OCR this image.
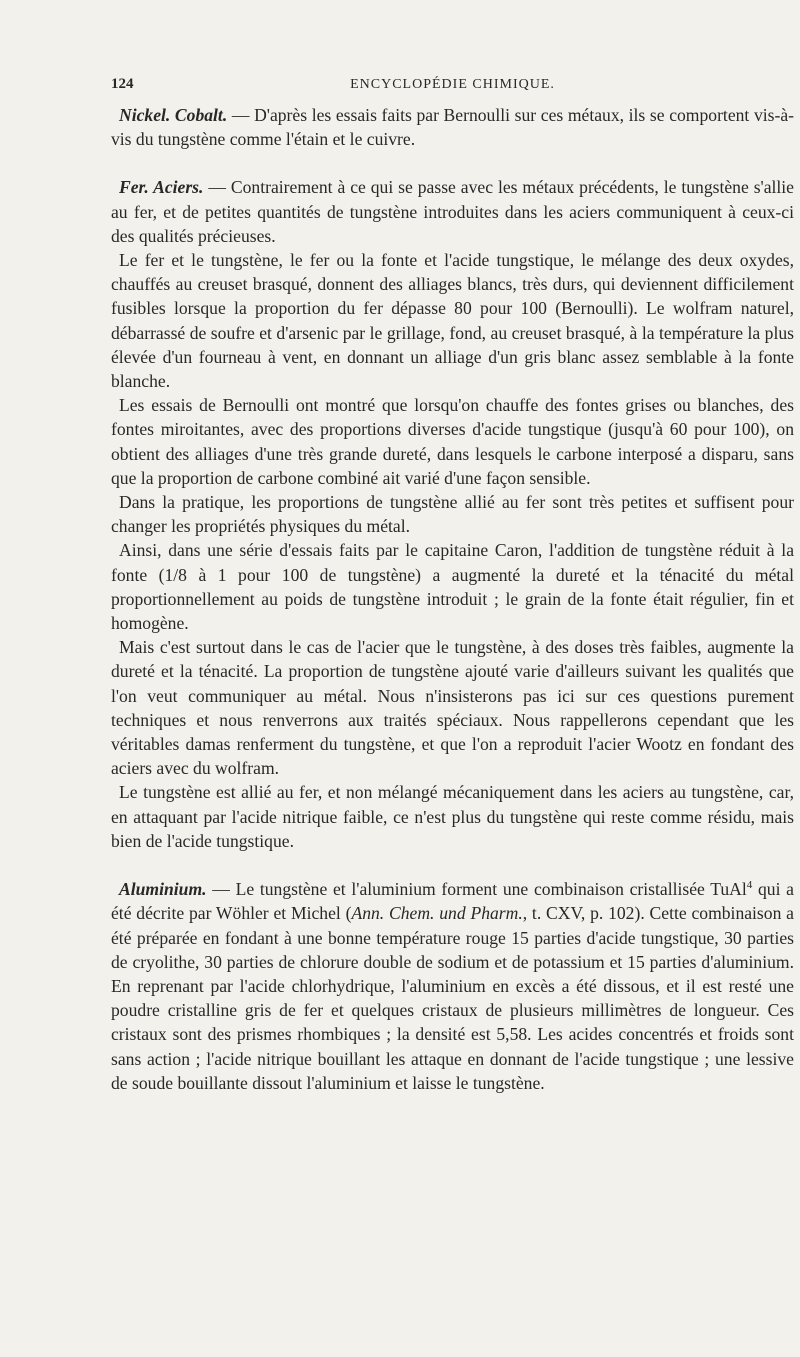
124	ENCYCLOPÉDIE CHIMIQUE.

Nickel. Cobalt. — D'après les essais faits par Bernoulli sur ces métaux, ils se comportent vis-à-vis du tungstène comme l'étain et le cuivre.

Fer. Aciers. — Contrairement à ce qui se passe avec les métaux précédents, le tungstène s'allie au fer, et de petites quantités de tungstène introduites dans les aciers communiquent à ceux-ci des qualités précieuses.

Le fer et le tungstène, le fer ou la fonte et l'acide tungstique, le mélange des deux oxydes, chauffés au creuset brasqué, donnent des alliages blancs, très durs, qui deviennent difficilement fusibles lorsque la proportion du fer dépasse 80 pour 100 (Bernoulli). Le wolfram naturel, débarrassé de soufre et d'arsenic par le grillage, fond, au creuset brasqué, à la température la plus élevée d'un fourneau à vent, en donnant un alliage d'un gris blanc assez semblable à la fonte blanche.

Les essais de Bernoulli ont montré que lorsqu'on chauffe des fontes grises ou blanches, des fontes miroitantes, avec des proportions diverses d'acide tungstique (jusqu'à 60 pour 100), on obtient des alliages d'une très grande dureté, dans lesquels le carbone interposé a disparu, sans que la proportion de carbone combiné ait varié d'une façon sensible.

Dans la pratique, les proportions de tungstène allié au fer sont très petites et suffisent pour changer les propriétés physiques du métal.

Ainsi, dans une série d'essais faits par le capitaine Caron, l'addition de tungstène réduit à la fonte (1/8 à 1 pour 100 de tungstène) a augmenté la dureté et la ténacité du métal proportionnellement au poids de tungstène introduit ; le grain de la fonte était régulier, fin et homogène.

Mais c'est surtout dans le cas de l'acier que le tungstène, à des doses très faibles, augmente la dureté et la ténacité. La proportion de tungstène ajouté varie d'ailleurs suivant les qualités que l'on veut communiquer au métal. Nous n'insisterons pas ici sur ces questions purement techniques et nous renverrons aux traités spéciaux. Nous rappellerons cependant que les véritables damas renferment du tungstène, et que l'on a reproduit l'acier Wootz en fondant des aciers avec du wolfram.

Le tungstène est allié au fer, et non mélangé mécaniquement dans les aciers au tungstène, car, en attaquant par l'acide nitrique faible, ce n'est plus du tungstène qui reste comme résidu, mais bien de l'acide tungstique.

Aluminium. — Le tungstène et l'aluminium forment une combinaison cristallisée TuAl$^4$ qui a été décrite par Wöhler et Michel (Ann. Chem. und Pharm., t. CXV, p. 102). Cette combinaison a été préparée en fondant à une bonne température rouge 15 parties d'acide tungstique, 30 parties de cryolithe, 30 parties de chlorure double de sodium et de potassium et 15 parties d'aluminium. En reprenant par l'acide chlorhydrique, l'aluminium en excès a été dissous, et il est resté une poudre cristalline gris de fer et quelques cristaux de plusieurs millimètres de longueur. Ces cristaux sont des prismes rhombiques ; la densité est 5,58. Les acides concentrés et froids sont sans action ; l'acide nitrique bouillant les attaque en donnant de l'acide tungstique ; une lessive de soude bouillante dissout l'aluminium et laisse le tungstène.
